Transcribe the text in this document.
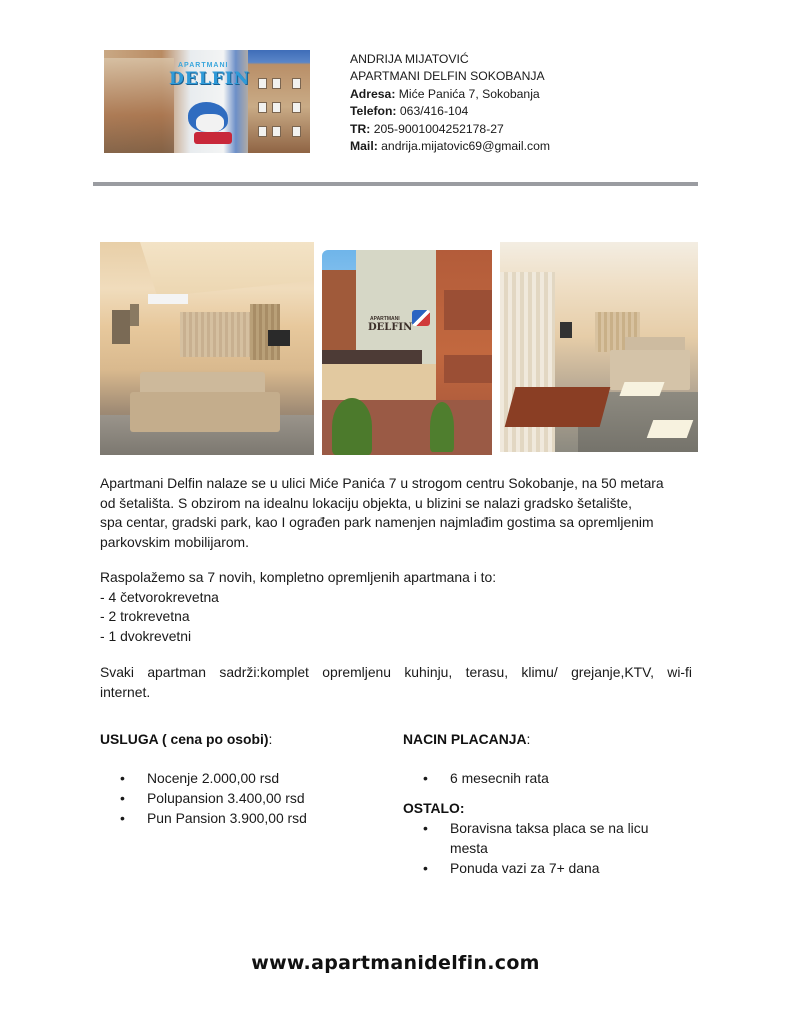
APARTMANI
DELFIN
ANDRIJA MIJATOVIĆ
APARTMANI DELFIN SOKOBANJA
Adresa: Miće Panića 7, Sokobanja
Telefon: 063/416-104
TR: 205-9001004252178-27
Mail: andrija.mijatovic69@gmail.com
APARTMANI
DELFIN
Apartmani Delfin nalaze se u ulici Miće Panića 7 u strogom centru Sokobanje, na 50 metara
od šetališta. S obzirom na idealnu lokaciju objekta, u blizini se nalazi gradsko šetalište,
spa centar, gradski park, kao I ograđen park namenjen najmlađim gostima sa opremljenim
parkovskim mobilijarom.
Raspolažemo sa 7 novih, kompletno opremljenih apartmana i to:
- 4 četvorokrevetna
- 2 trokrevetna
- 1 dvokrevetni
Svaki apartman sadrži:komplet opremljenu kuhinju, terasu, klimu/ grejanje,KTV, wi-fi
internet.
USLUGA ( cena po osobi):
• Nocenje 2.000,00 rsd
• Polupansion 3.400,00 rsd
• Pun Pansion 3.900,00 rsd
NACIN PLACANJA:
• 6 mesecnih rata
OSTALO:
• Boravisna taksa placa se na licu mesta
• Ponuda vazi za 7+ dana
www.apartmanidelfin.com
